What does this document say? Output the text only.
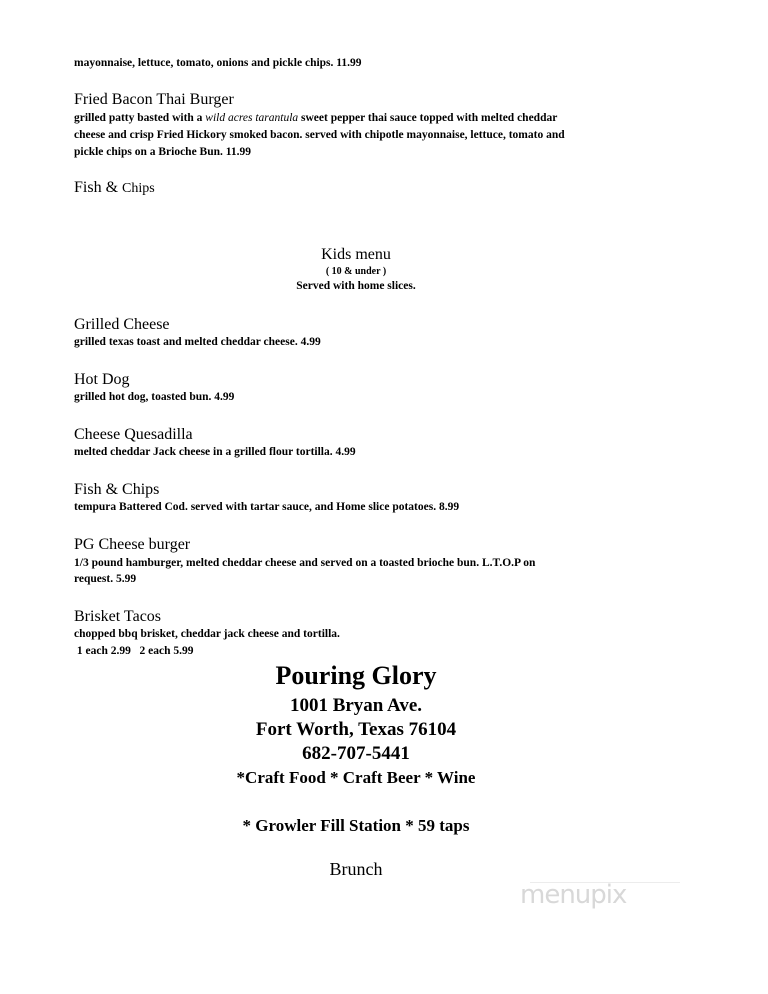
mayonnaise, lettuce, tomato, onions and pickle chips. 11.99
Fried Bacon Thai Burger
grilled patty basted with a wild acres tarantula sweet pepper thai sauce topped with melted cheddar
cheese and crisp Fried Hickory smoked bacon. served with chipotle mayonnaise, lettuce, tomato and
pickle chips on a Brioche Bun. 11.99
Fish & Chips
Kids menu
( 10 & under )
Served with home slices.
Grilled Cheese
grilled texas toast and melted cheddar cheese. 4.99
Hot Dog
grilled hot dog, toasted bun. 4.99
Cheese Quesadilla
melted cheddar Jack cheese in a grilled flour tortilla. 4.99
Fish & Chips
tempura Battered Cod. served with tartar sauce, and Home slice potatoes. 8.99
PG Cheese burger
1/3 pound hamburger, melted cheddar cheese and served on a toasted brioche bun. L.T.O.P on
request. 5.99
Brisket Tacos
chopped bbq brisket, cheddar jack cheese and tortilla.
1 each 2.99   2 each 5.99
Pouring Glory
1001 Bryan Ave.
Fort Worth, Texas 76104
682-707-5441
*Craft Food * Craft Beer * Wine
* Growler Fill Station * 59 taps
Brunch
menupix
